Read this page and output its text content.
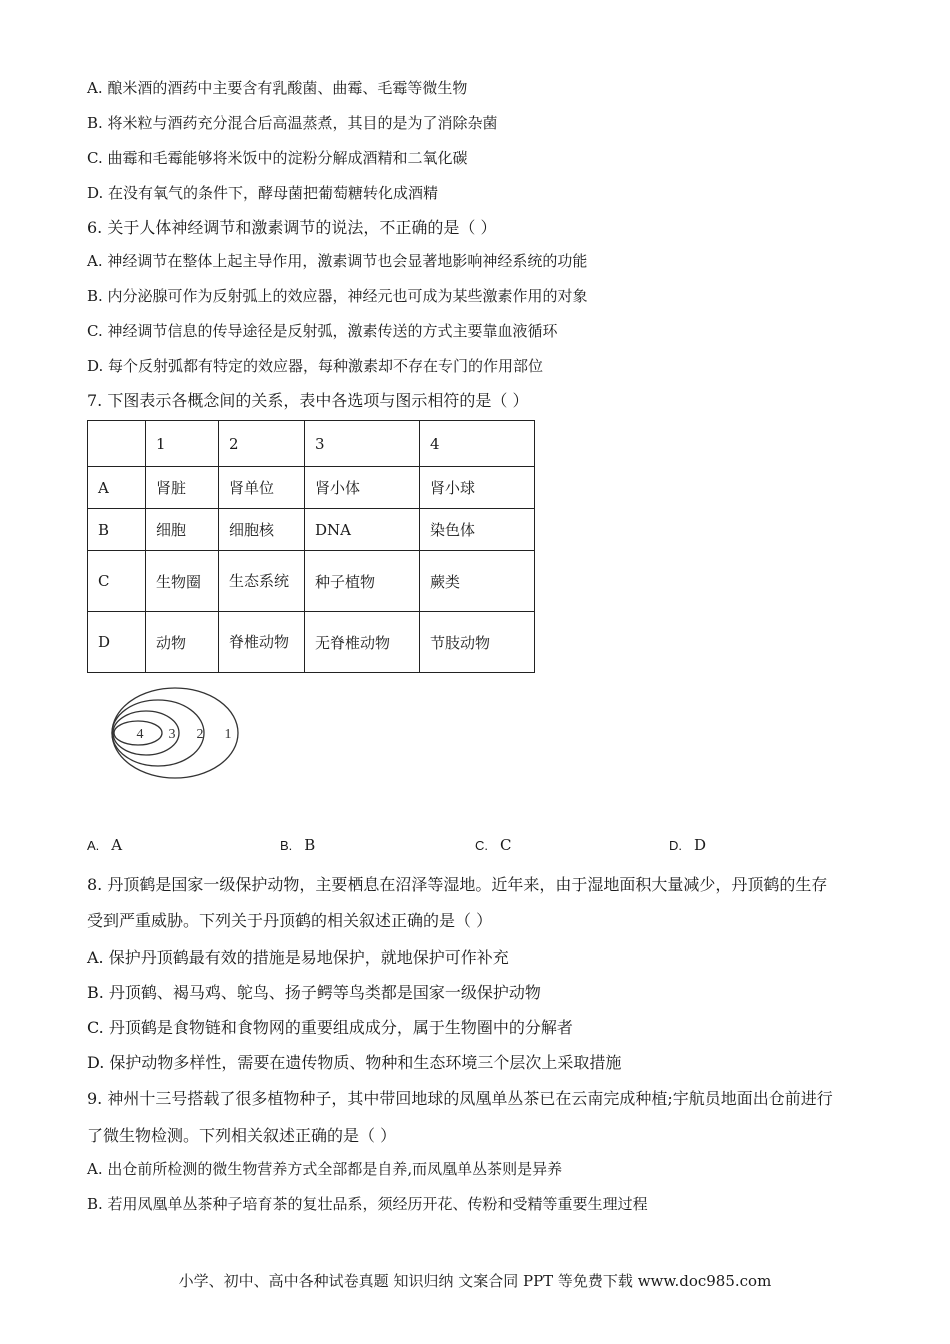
A. 酿米酒的酒药中主要含有乳酸菌、曲霉、毛霉等微生物
B. 将米粒与酒药充分混合后高温蒸煮，其目的是为了消除杂菌
C. 曲霉和毛霉能够将米饭中的淀粉分解成酒精和二氧化碳
D. 在没有氧气的条件下，酵母菌把葡萄糖转化成酒精
6. 关于人体神经调节和激素调节的说法，不正确的是（ ）
A. 神经调节在整体上起主导作用，激素调节也会显著地影响神经系统的功能
B. 内分泌腺可作为反射弧上的效应器，神经元也可成为某些激素作用的对象
C. 神经调节信息的传导途径是反射弧，激素传送的方式主要靠血液循环
D. 每个反射弧都有特定的效应器，每种激素却不存在专门的作用部位
7. 下图表示各概念间的关系，表中各选项与图示相符的是（ ）
	1	2	3	4
A	肾脏	肾单位	肾小体	肾小球
B	细胞	细胞核	DNA	染色体
C	生物圈	生态系统	种子植物	蕨类
D	动物	脊椎动物	无脊椎动物	节肢动物
4 3 2 1
A. A	B. B	C. C	D. D
8. 丹顶鹤是国家一级保护动物，主要栖息在沼泽等湿地。近年来，由于湿地面积大量减少，丹顶鹤的生存
受到严重威胁。下列关于丹顶鹤的相关叙述正确的是（ ）
A. 保护丹顶鹤最有效的措施是易地保护，就地保护可作补充
B. 丹顶鹤、褐马鸡、鸵鸟、扬子鳄等鸟类都是国家一级保护动物
C. 丹顶鹤是食物链和食物网的重要组成成分，属于生物圈中的分解者
D. 保护动物多样性，需要在遗传物质、物种和生态环境三个层次上采取措施
9. 神州十三号搭载了很多植物种子，其中带回地球的凤凰单丛茶已在云南完成种植;宇航员地面出仓前进行
了微生物检测。下列相关叙述正确的是（ ）
A. 出仓前所检测的微生物营养方式全部都是自养,而凤凰单丛茶则是异养
B. 若用凤凰单丛茶种子培育茶的复壮品系，须经历开花、传粉和受精等重要生理过程
小学、初中、高中各种试卷真题 知识归纳 文案合同 PPT 等免费下载 www.doc985.com
